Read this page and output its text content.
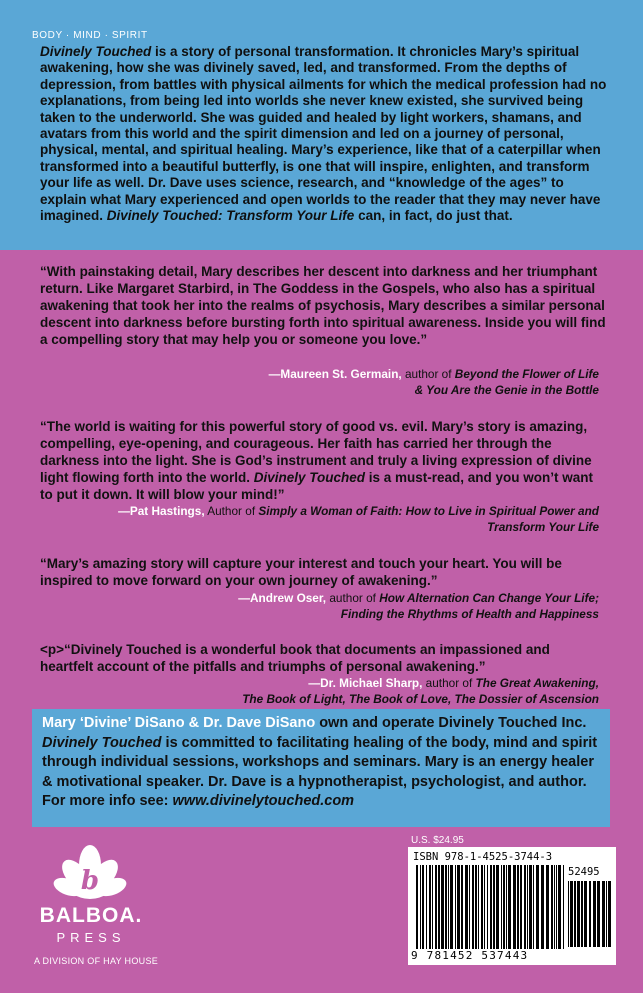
BODY · MIND · SPIRIT
Divinely Touched is a story of personal transformation. It chronicles Mary’s spiritual awakening, how she was divinely saved, led, and transformed. From the depths of depression, from battles with physical ailments for which the medical profession had no explanations, from being led into worlds she never knew existed, she survived being taken to the underworld. She was guided and healed by light workers, shamans, and avatars from this world and the spirit dimension and led on a journey of personal, physical, mental, and spiritual healing. Mary’s experience, like that of a caterpillar when transformed into a beautiful butterfly, is one that will inspire, enlighten, and transform your life as well. Dr. Dave uses science, research, and “knowledge of the ages” to explain what Mary experienced and open worlds to the reader that they may never have imagined. Divinely Touched: Transform Your Life can, in fact, do just that.
“With painstaking detail, Mary describes her descent into darkness and her triumphant return. Like Margaret Starbird, in The Goddess in the Gospels, who also has a spiritual awakening that took her into the realms of psychosis, Mary describes a similar personal descent into darkness before bursting forth into spiritual awareness. Inside you will find a compelling story that may help you or someone you love.”
—Maureen St. Germain, author of Beyond the Flower of Life
& You Are the Genie in the Bottle
“The world is waiting for this powerful story of good vs. evil. Mary’s story is amazing, compelling, eye-opening, and courageous. Her faith has carried her through the darkness into the light. She is God’s instrument and truly a living expression of divine light flowing forth into the world. Divinely Touched is a must-read, and you won’t want to put it down. It will blow your mind!”
—Pat Hastings, Author of Simply a Woman of Faith: How to Live in Spiritual Power and
Transform Your Life
“Mary’s amazing story will capture your interest and touch your heart. You will be inspired to move forward on your own journey of awakening.”
—Andrew Oser, author of How Alternation Can Change Your Life;
Finding the Rhythms of Health and Happiness
<p>“Divinely Touched is a wonderful book that documents an impassioned and heartfelt account of the pitfalls and triumphs of personal awakening.”
—Dr. Michael Sharp, author of The Great Awakening,
The Book of Light, The Book of Love, The Dossier of Ascension
Mary ‘Divine’ DiSano & Dr. Dave DiSano own and operate Divinely Touched Inc. Divinely Touched is committed to facilitating healing of the body, mind and spirit through individual sessions, workshops and seminars. Mary is an energy healer & motivational speaker. Dr. Dave is a hypnotherapist, psychologist, and author. For more info see: www.divinelytouched.com
b
BALBOA.
PRESS
A DIVISION OF HAY HOUSE
U.S. $24.95
ISBN 978-1-4525-3744-3
52495
9 781452 537443
